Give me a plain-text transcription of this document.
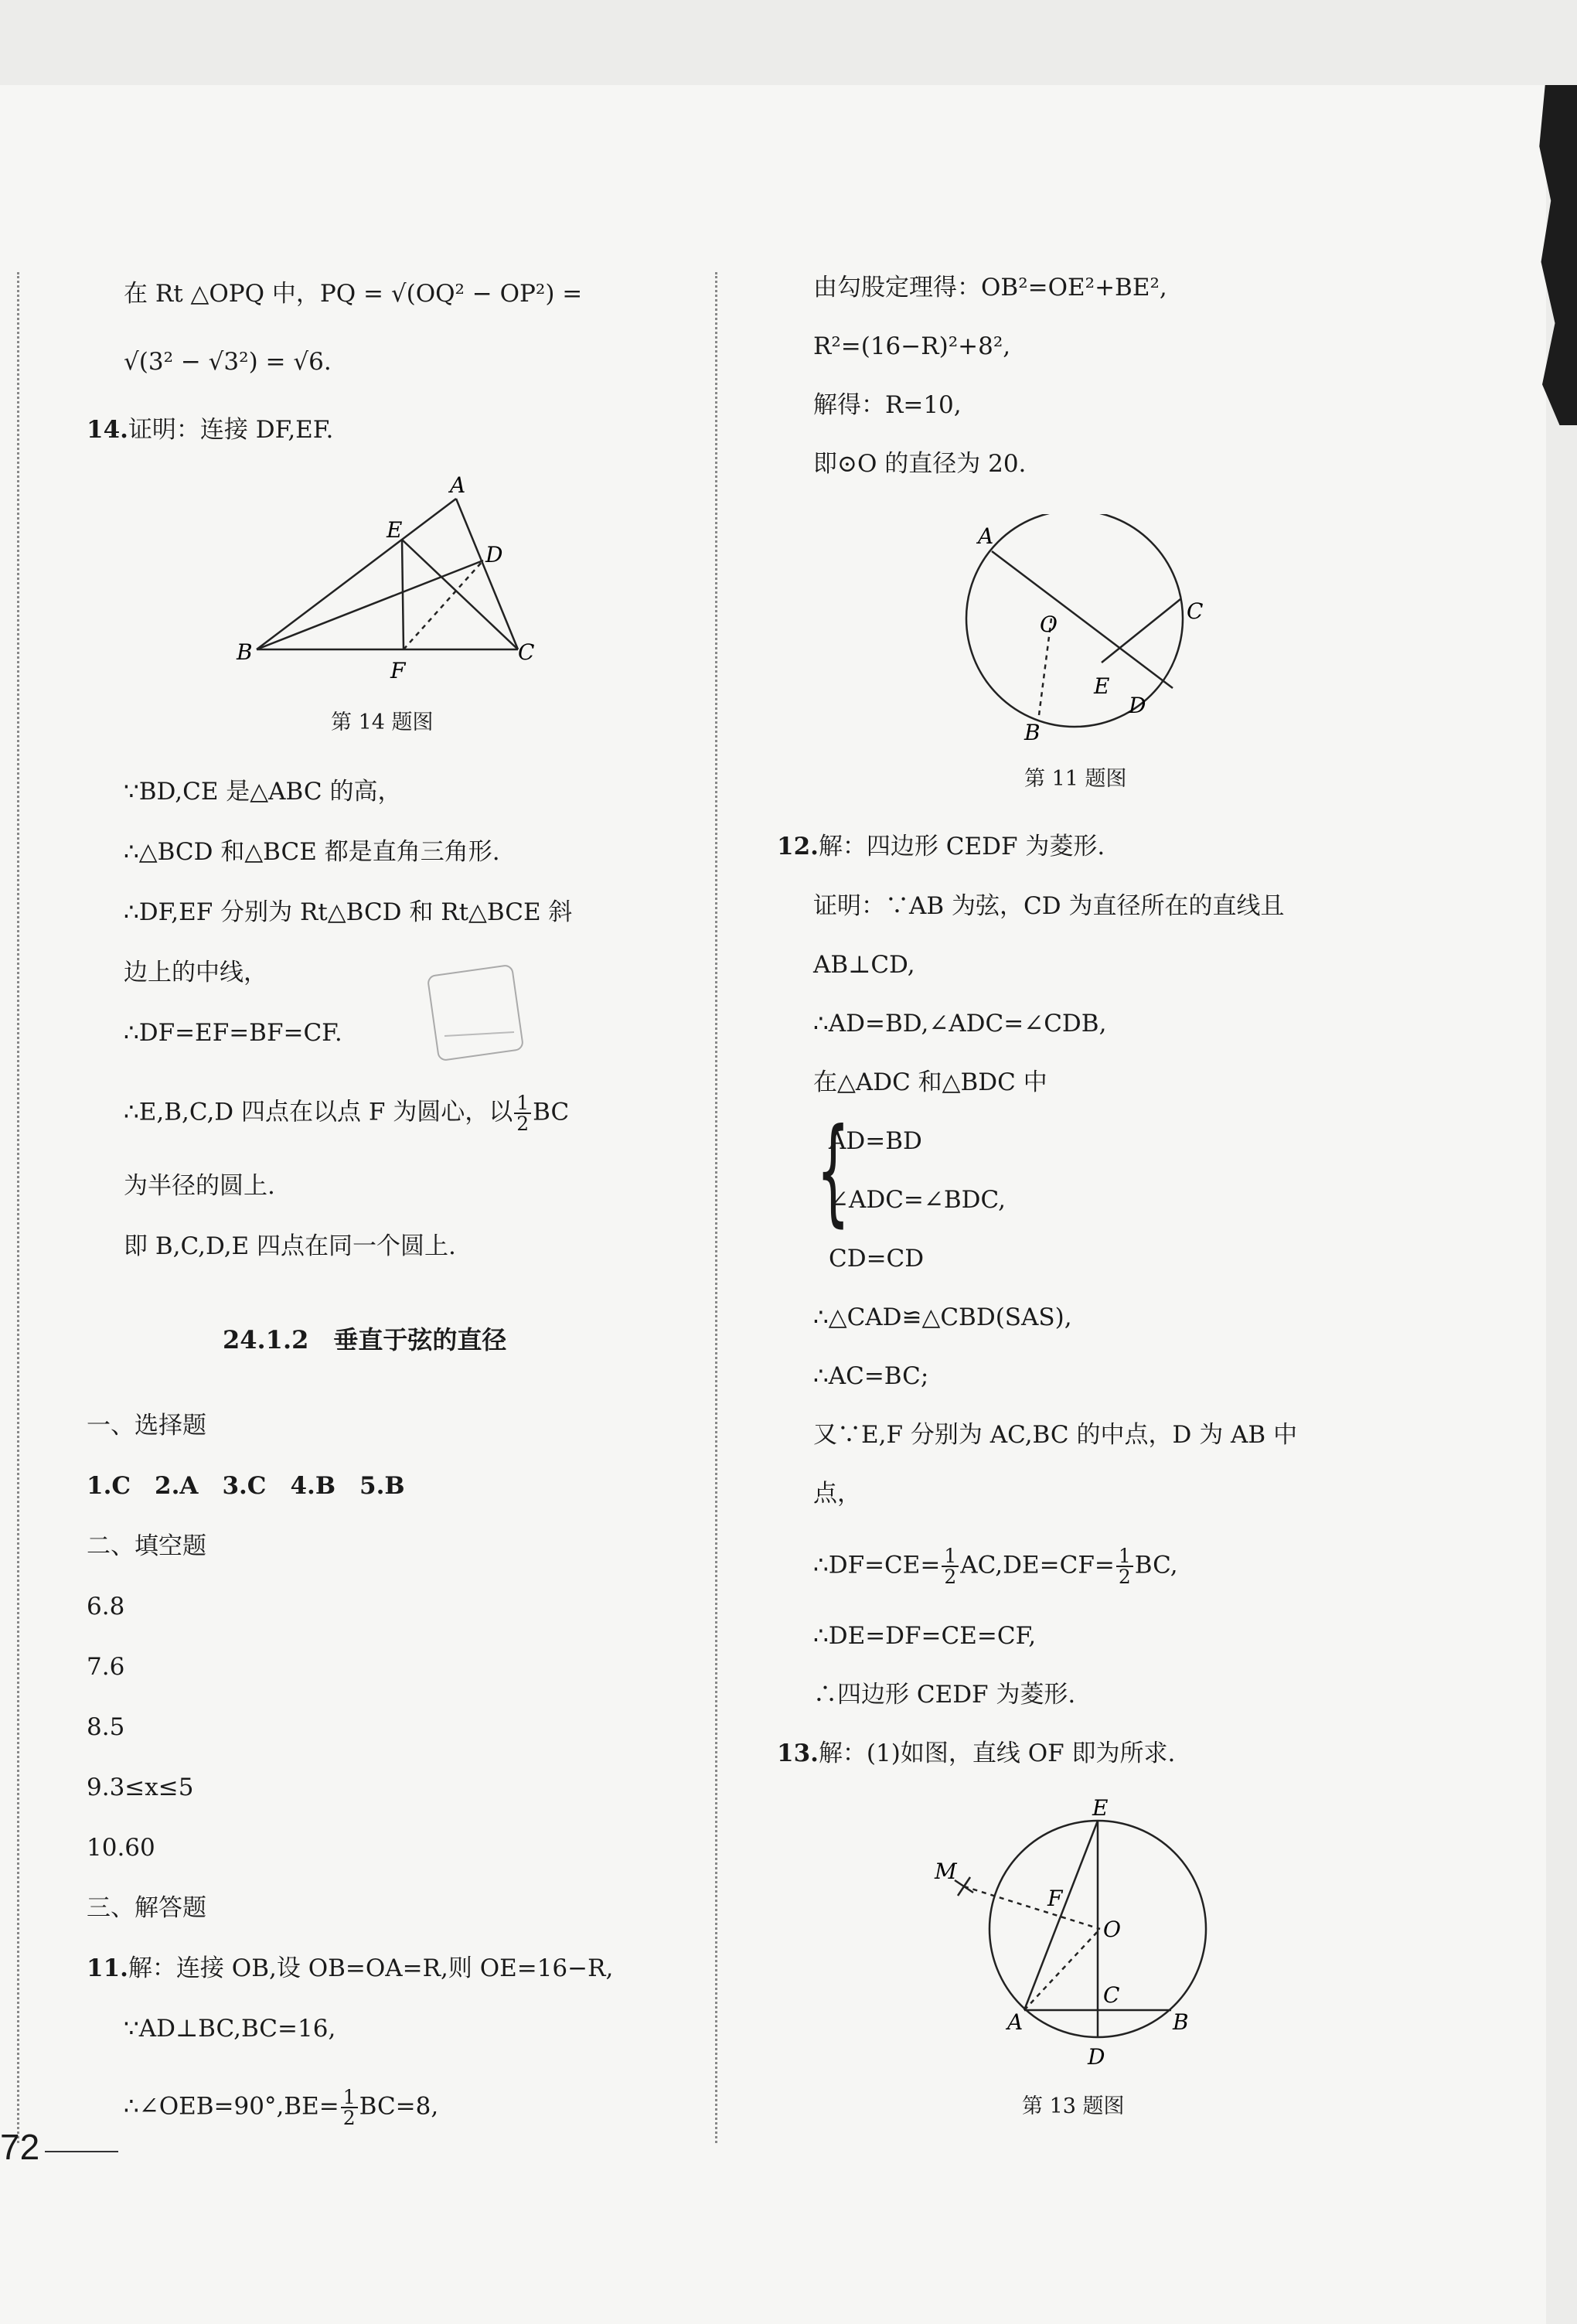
在 Rt △OPQ 中，PQ = √(OQ² − OP²) =
√(3² − √3²) = √6.
14.证明：连接 DF,EF.
A
B	C
D
E
F
第 14 题图
∵BD,CE 是△ABC 的高，
∴△BCD 和△BCE 都是直角三角形.
∴DF,EF 分别为 Rt△BCD 和 Rt△BCE 斜
边上的中线，
∴DF=EF=BF=CF.
∴E,B,C,D 四点在以点 F 为圆心，以 $\frac{1}{2}$ BC
为半径的圆上.
即 B,C,D,E 四点在同一个圆上.
24.1.2　垂直于弦的直径
一、选择题
1.C　2.A　3.C　4.B　5.B
二、填空题
6.8
7.6
8.5
9.3≤x≤5
10.60
三、解答题
11.解：连接 OB,设 OB=OA=R,则 OE=16−R,
∵AD⊥BC,BC=16,
∴∠OEB=90°,BE= $\frac{1}{2} BC=8$,
72
由勾股定理得：OB²=OE²+BE²,
R²=(16−R)²+8²,
解得：R=10,
即⊙O 的直径为 20.
A
B
C
D
E
O
第 11 题图
12.解：四边形 CEDF 为菱形.
证明：∵AB 为弦，CD 为直径所在的直线且
AB⊥CD,
∴AD=BD,∠ADC=∠CDB,
在△ADC 和△BDC 中
{
AD=BD
∠ADC=∠BDC,
CD=CD
∴△CAD≌△CBD(SAS),
∴AC=BC;
又∵E,F 分别为 AC,BC 的中点，D 为 AB 中
点，
∴DF=CE= $\frac{1}{2} AC,DE=CF= \frac{1}{2}$ BC,
∴DE=DF=CE=CF,
∴四边形 CEDF 为菱形.
13.解：(1)如图，直线 OF 即为所求.
E
M
F
O
C
A	B
D
第 13 题图
